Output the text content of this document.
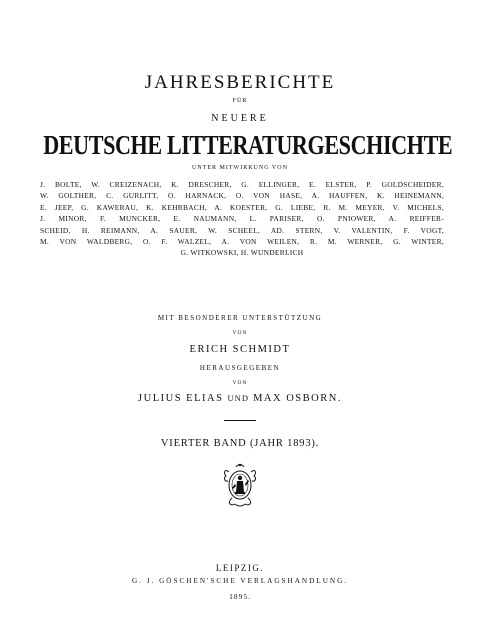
JAHRESBERICHTE
FÜR
NEUERE
DEUTSCHE LITTERATURGESCHICHTE
UNTER MITWIRKUNG VON
J. BOLTE, W. CREIZENACH, K. DRESCHER, G. ELLINGER, E. ELSTER, P. GOLDSCHEIDER,
W. GOLTHER, C. GURLITT, O. HARNACK, O. VON HASE, A. HAUFFEN, K. HEINEMANN,
E. JEEP, G. KAWERAU, K. KEHRBACH, A. KOESTER, G. LIEBE, R. M. MEYER, V. MICHELS,
J. MINOR, F. MUNCKER, E. NAUMANN, L. PARISER, O. PNIOWER, A. REIFFER-
SCHEID, H. REIMANN, A. SAUER, W. SCHEEL, AD. STERN, V. VALENTIN, F. VOGT,
M. VON WALDBERG, O. F. WALZEL, A. VON WEILEN, R. M. WERNER, G. WINTER,
G. WITKOWSKI, H. WUNDERLICH
MIT BESONDERER UNTERSTÜTZUNG
VON
ERICH SCHMIDT
HERAUSGEGEBEN
VON
JULIUS ELIAS UND MAX OSBORN.
VIERTER BAND (JAHR 1893).
LEIPZIG.
G. J. GÖSCHEN'SCHE VERLAGSHANDLUNG.
1895.
